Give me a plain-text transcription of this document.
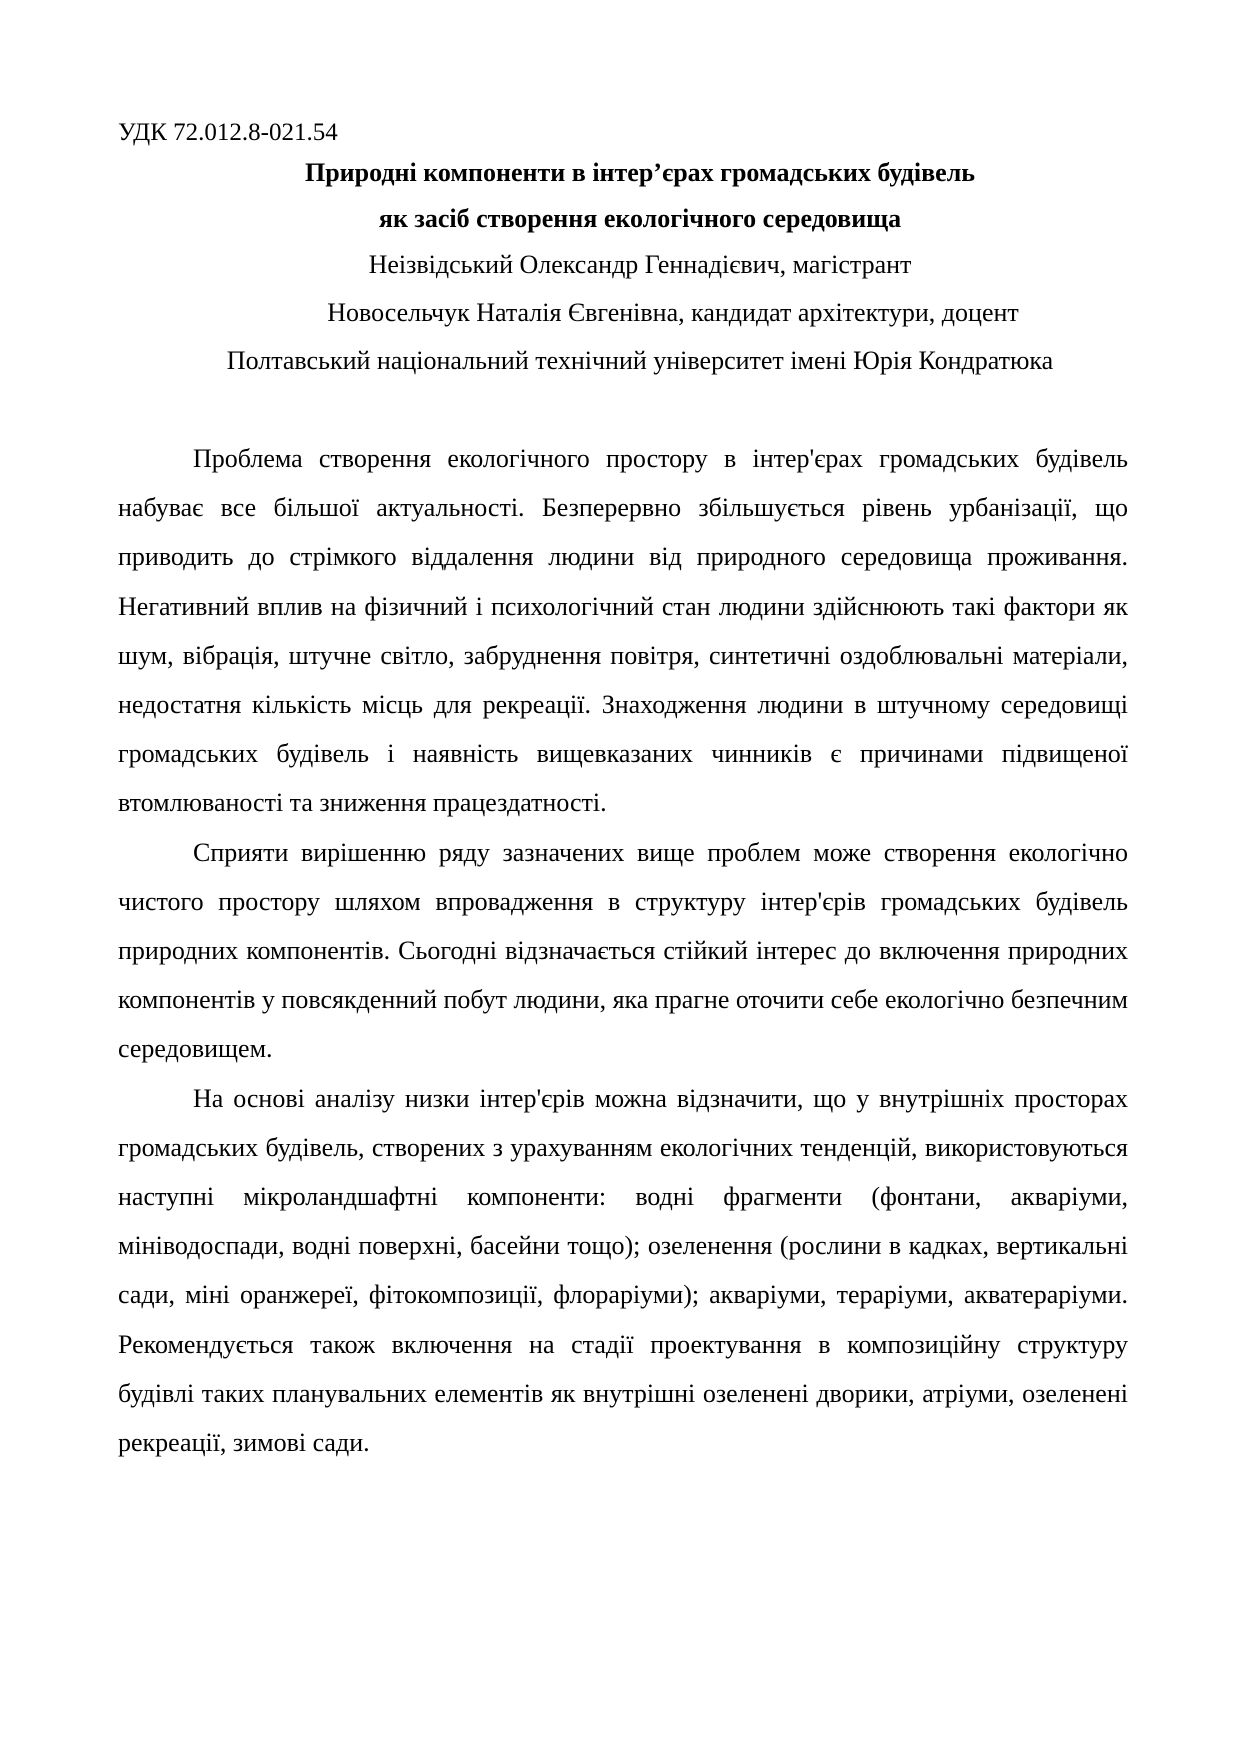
УДК 72.012.8-021.54
Природні компоненти в інтер’єрах громадських будівель
як засіб створення екологічного середовища
Неізвідський Олександр Геннадієвич, магістрант
Новосельчук Наталія Євгенівна, кандидат архітектури, доцент
Полтавський національний технічний університет імені Юрія Кондратюка

Проблема створення екологічного простору в інтер'єрах громадських будівель набуває все більшої актуальності. Безперервно збільшується рівень урбанізації, що приводить до стрімкого віддалення людини від природного середовища проживання. Негативний вплив на фізичний і психологічний стан людини здійснюють такі фактори як шум, вібрація, штучне світло, забруднення повітря, синтетичні оздоблювальні матеріали, недостатня кількість місць для рекреації. Знаходження людини в штучному середовищі громадських будівель і наявність вищевказаних чинників є причинами підвищеної втомлюваності та зниження працездатності.

Сприяти вирішенню ряду зазначених вище проблем може створення екологічно чистого простору шляхом впровадження в структуру інтер'єрів громадських будівель природних компонентів. Сьогодні відзначається стійкий інтерес до включення природних компонентів у повсякденний побут людини, яка прагне оточити себе екологічно безпечним середовищем.

На основі аналізу низки інтер'єрів можна відзначити, що у внутрішніх просторах громадських будівель, створених з урахуванням екологічних тенденцій, використовуються наступні мікроландшафтні компоненти: водні фрагменти (фонтани, акваріуми, мініводоспади, водні поверхні, басейни тощо); озеленення (рослини в кадках, вертикальні сади, міні оранжереї, фітокомпозиції, флораріуми); акваріуми, тераріуми, акватераріуми. Рекомендується також включення на стадії проектування в композиційну структуру будівлі таких планувальних елементів як внутрішні озеленені дворики, атріуми, озеленені рекреації, зимові сади.
